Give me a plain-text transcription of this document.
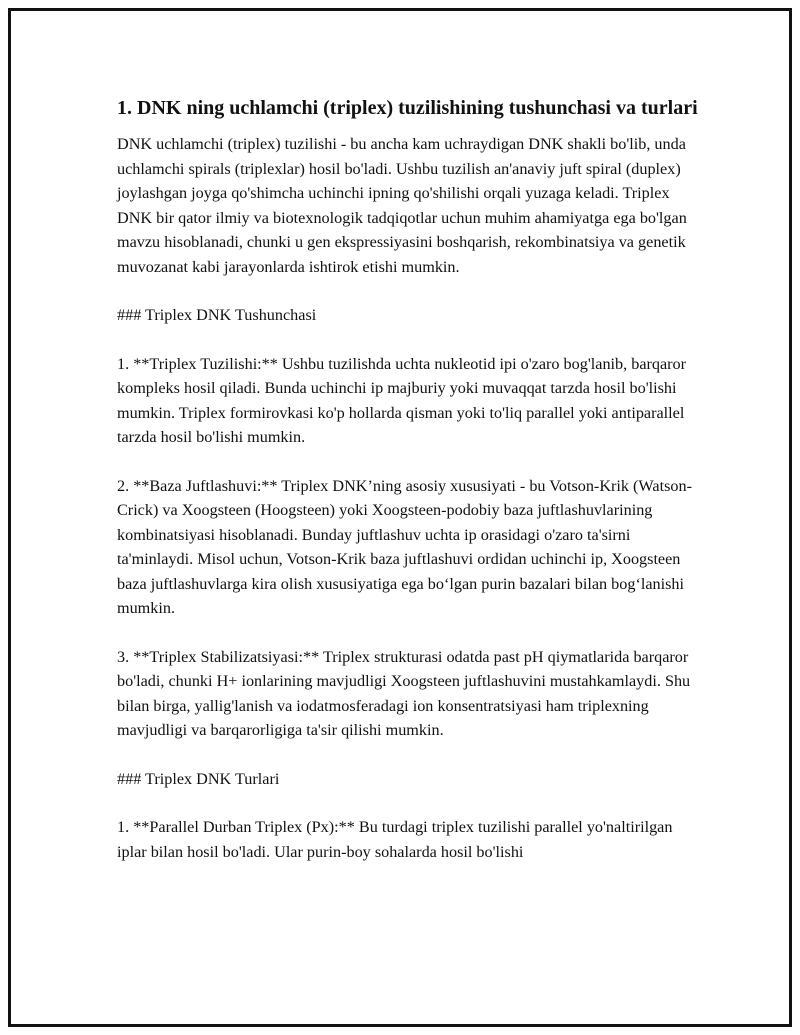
1. DNK ning uchlamchi (triplex) tuzilishining tushunchasi va turlari

DNK uchlamchi (triplex) tuzilishi - bu ancha kam uchraydigan DNK shakli bo'lib, unda uchlamchi spirals (triplexlar) hosil bo'ladi. Ushbu tuzilish an'anaviy juft spiral (duplex) joylashgan joyga qo'shimcha uchinchi ipning qo'shilishi orqali yuzaga keladi. Triplex DNK bir qator ilmiy va biotexnologik tadqiqotlar uchun muhim ahamiyatga ega bo'lgan mavzu hisoblanadi, chunki u gen ekspressiyasini boshqarish, rekombinatsiya va genetik muvozanat kabi jarayonlarda ishtirok etishi mumkin.

### Triplex DNK Tushunchasi

1. **Triplex Tuzilishi:** Ushbu tuzilishda uchta nukleotid ipi o'zaro bog'lanib, barqaror kompleks hosil qiladi. Bunda uchinchi ip majburiy yoki muvaqqat tarzda hosil bo'lishi mumkin. Triplex formirovkasi ko'p hollarda qisman yoki to'liq parallel yoki antiparallel tarzda hosil bo'lishi mumkin.

2. **Baza Juftlashuvi:** Triplex DNK’ning asosiy xususiyati - bu Votson-Krik (Watson-Crick) va Xoogsteen (Hoogsteen) yoki Xoogsteen-podobiy baza juftlashuvlarining kombinatsiyasi hisoblanadi. Bunday juftlashuv uchta ip orasidagi o'zaro ta'sirni ta'minlaydi. Misol uchun, Votson-Krik baza juftlashuvi ordidan uchinchi ip, Xoogsteen baza juftlashuvlarga kira olish xususiyatiga ega bo‘lgan purin bazalari bilan bog‘lanishi mumkin.

3. **Triplex Stabilizatsiyasi:** Triplex strukturasi odatda past pH qiymatlarida barqaror bo'ladi, chunki H+ ionlarining mavjudligi Xoogsteen juftlashuvini mustahkamlaydi. Shu bilan birga, yallig'lanish va iodatmosferadagi ion konsentratsiyasi ham triplexning mavjudligi va barqarorligiga ta'sir qilishi mumkin.

### Triplex DNK Turlari

1. **Parallel Durban Triplex (Px):** Bu turdagi triplex tuzilishi parallel yo'naltirilgan iplar bilan hosil bo'ladi. Ular purin-boy sohalarda hosil bo'lishi
